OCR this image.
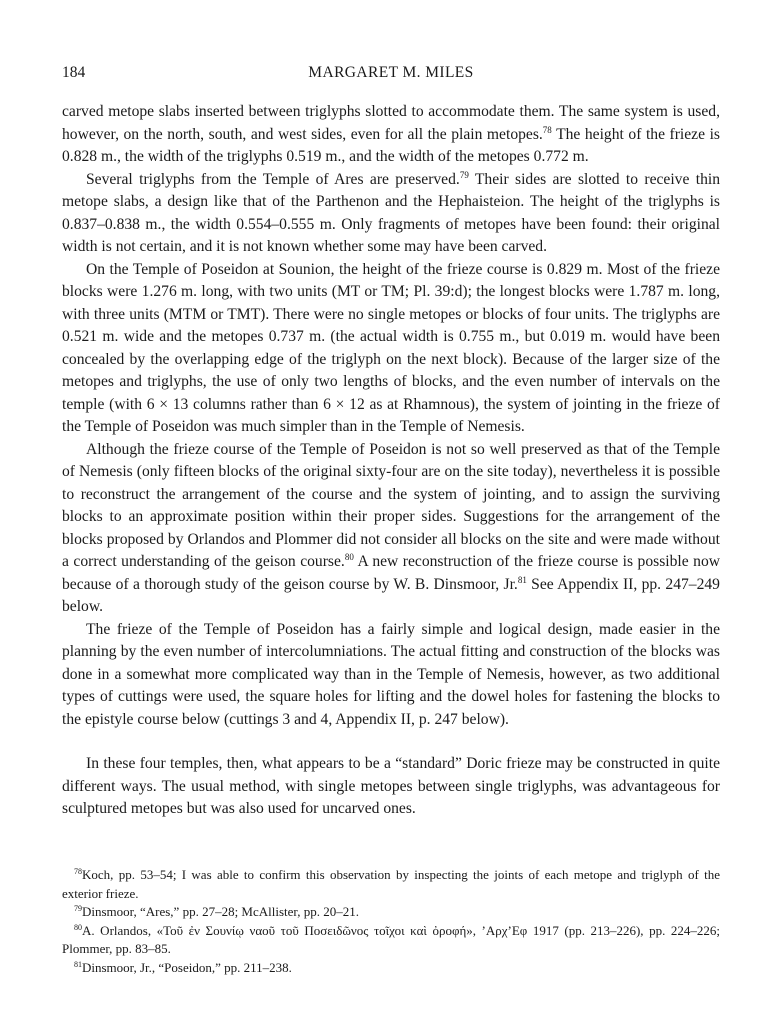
184	MARGARET M. MILES

carved metope slabs inserted between triglyphs slotted to accommodate them. The same system is used, however, on the north, south, and west sides, even for all the plain metopes.$^{78}$ The height of the frieze is 0.828 m., the width of the triglyphs 0.519 m., and the width of the metopes 0.772 m.

Several triglyphs from the Temple of Ares are preserved.$^{79}$ Their sides are slotted to receive thin metope slabs, a design like that of the Parthenon and the Hephaisteion. The height of the triglyphs is 0.837–0.838 m., the width 0.554–0.555 m. Only fragments of metopes have been found: their original width is not certain, and it is not known whether some may have been carved.

On the Temple of Poseidon at Sounion, the height of the frieze course is 0.829 m. Most of the frieze blocks were 1.276 m. long, with two units (MT or TM; Pl. 39:d); the longest blocks were 1.787 m. long, with three units (MTM or TMT). There were no single metopes or blocks of four units. The triglyphs are 0.521 m. wide and the metopes 0.737 m. (the actual width is 0.755 m., but 0.019 m. would have been concealed by the overlapping edge of the triglyph on the next block). Because of the larger size of the metopes and triglyphs, the use of only two lengths of blocks, and the even number of intervals on the temple (with 6 × 13 columns rather than 6 × 12 as at Rhamnous), the system of jointing in the frieze of the Temple of Poseidon was much simpler than in the Temple of Nemesis.

Although the frieze course of the Temple of Poseidon is not so well preserved as that of the Temple of Nemesis (only fifteen blocks of the original sixty-four are on the site today), nevertheless it is possible to reconstruct the arrangement of the course and the system of jointing, and to assign the surviving blocks to an approximate position within their proper sides. Suggestions for the arrangement of the blocks proposed by Orlandos and Plommer did not consider all blocks on the site and were made without a correct understanding of the geison course.$^{80}$ A new reconstruction of the frieze course is possible now because of a thorough study of the geison course by W. B. Dinsmoor, Jr.$^{81}$ See Appendix II, pp. 247–249 below.

The frieze of the Temple of Poseidon has a fairly simple and logical design, made easier in the planning by the even number of intercolumniations. The actual fitting and construction of the blocks was done in a somewhat more complicated way than in the Temple of Nemesis, however, as two additional types of cuttings were used, the square holes for lifting and the dowel holes for fastening the blocks to the epistyle course below (cuttings 3 and 4, Appendix II, p. 247 below).

In these four temples, then, what appears to be a “standard” Doric frieze may be constructed in quite different ways. The usual method, with single metopes between single triglyphs, was advantageous for sculptured metopes but was also used for uncarved ones.

$^{78}$Koch, pp. 53–54; I was able to confirm this observation by inspecting the joints of each metope and triglyph of the exterior frieze.

$^{79}$Dinsmoor, “Ares,” pp. 27–28; McAllister, pp. 20–21.

$^{80}$A. Orlandos, «Τοῦ ἐν Σουνίῳ ναοῦ τοῦ Ποσειδῶνος τοῖχοι καὶ ὀροφή», ’Αρχ’Εφ 1917 (pp. 213–226), pp. 224–226; Plommer, pp. 83–85.

$^{81}$Dinsmoor, Jr., “Poseidon,” pp. 211–238.
